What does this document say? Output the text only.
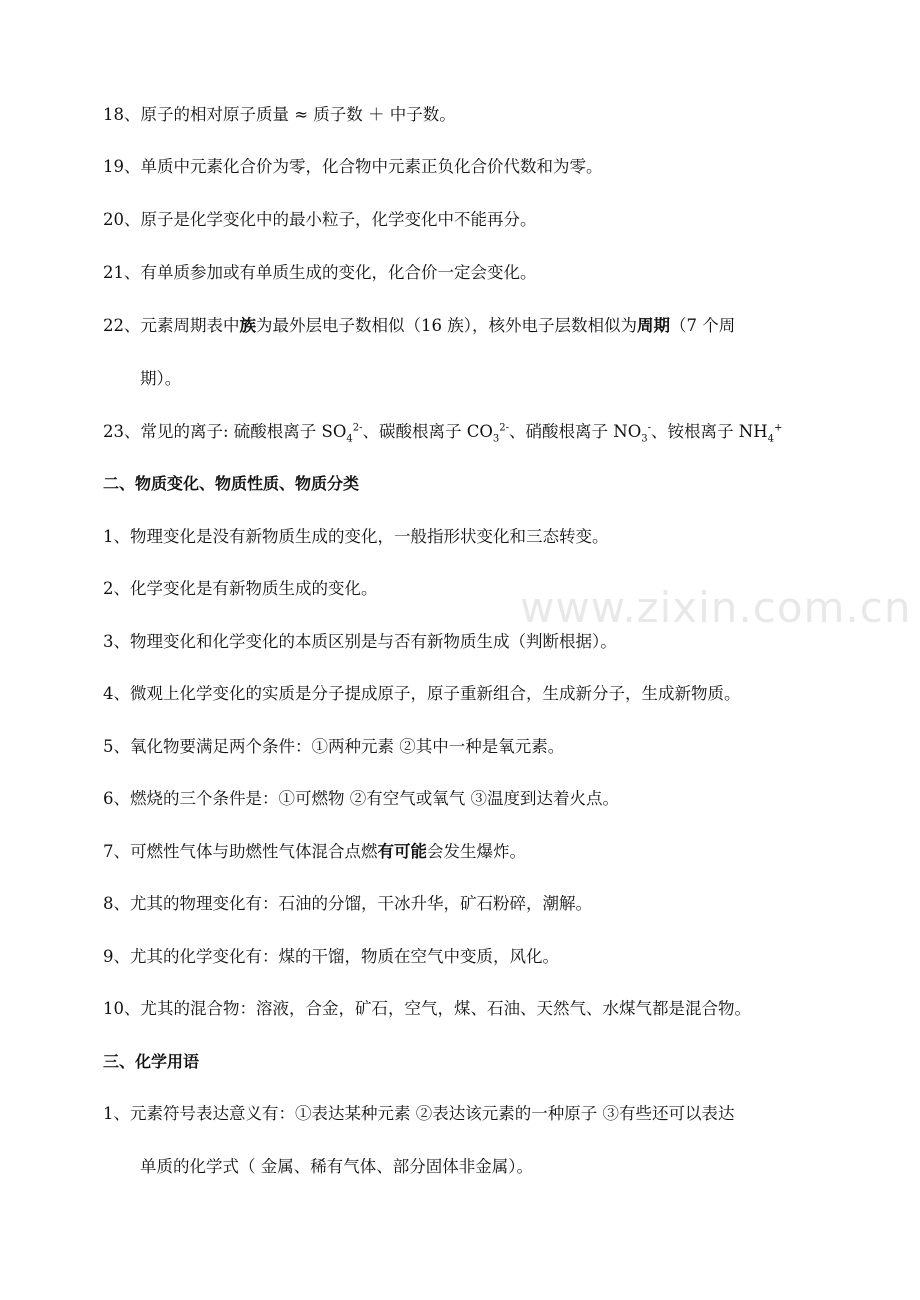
18、原子的相对原子质量 ≈ 质子数 ＋ 中子数。
19、单质中元素化合价为零，化合物中元素正负化合价代数和为零。
20、原子是化学变化中的最小粒子，化学变化中不能再分。
21、有单质参加或有单质生成的变化，化合价一定会变化。
22、元素周期表中族为最外层电子数相似（16 族），核外电子层数相似为周期（7 个周
期）。
23、常见的离子: 硫酸根离子 $SO_4^{2-}$、碳酸根离子 $CO_3^{2-}$、硝酸根离子 $NO_3^-$、铵根离子 $NH_4^+$
二、物质变化、物质性质、物质分类
1、物理变化是没有新物质生成的变化，一般指形状变化和三态转变。
2、化学变化是有新物质生成的变化。
3、物理变化和化学变化的本质区别是与否有新物质生成（判断根据）。
4、微观上化学变化的实质是分子提成原子，原子重新组合，生成新分子，生成新物质。
5、氧化物要满足两个条件：①两种元素 ②其中一种是氧元素。
6、燃烧的三个条件是：①可燃物 ②有空气或氧气 ③温度到达着火点。
7、可燃性气体与助燃性气体混合点燃有可能会发生爆炸。
8、尤其的物理变化有：石油的分馏，干冰升华，矿石粉碎，潮解。
9、尤其的化学变化有：煤的干馏，物质在空气中变质，风化。
10、尤其的混合物：溶液，合金，矿石，空气，煤、石油、天然气、水煤气都是混合物。
三、化学用语
1、元素符号表达意义有：①表达某种元素 ②表达该元素的一种原子 ③有些还可以表达
单质的化学式（ 金属、稀有气体、部分固体非金属）。
www.zixin.com.cn
